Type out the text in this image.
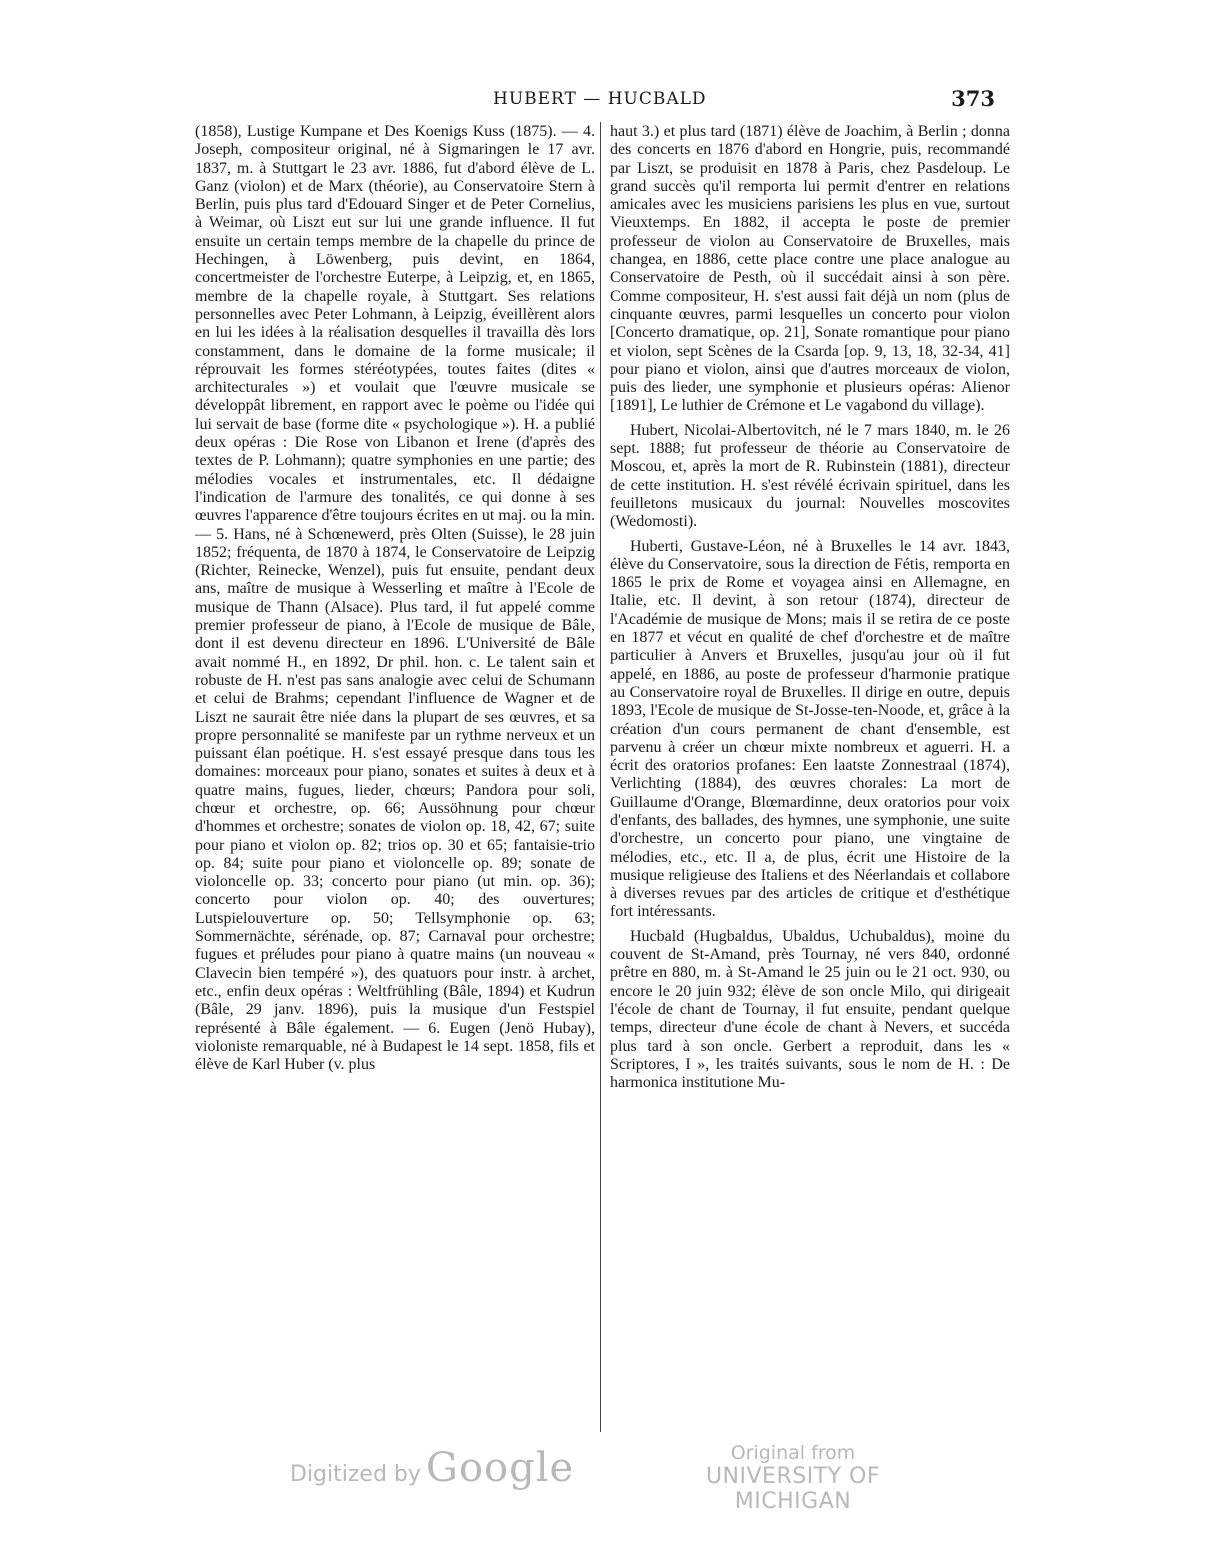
HUBERT — HUCBALD	373

(1858), Lustige Kumpane et Des Koenigs Kuss (1875). — 4. Joseph, compositeur original, né à Sigmaringen le 17 avr. 1837, m. à Stuttgart le 23 avr. 1886, fut d'abord élève de L. Ganz (violon) et de Marx (théorie), au Conservatoire Stern à Berlin, puis plus tard d'Edouard Singer et de Peter Cornelius, à Weimar, où Liszt eut sur lui une grande influence. Il fut ensuite un certain temps membre de la chapelle du prince de Hechingen, à Löwenberg, puis devint, en 1864, concertmeister de l'orchestre Euterpe, à Leipzig, et, en 1865, membre de la chapelle royale, à Stuttgart. Ses relations personnelles avec Peter Lohmann, à Leipzig, éveillèrent alors en lui les idées à la réalisation desquelles il travailla dès lors constamment, dans le domaine de la forme musicale; il réprouvait les formes stéréotypées, toutes faites (dites « architecturales ») et voulait que l'œuvre musicale se développât librement, en rapport avec le poème ou l'idée qui lui servait de base (forme dite « psychologique »). H. a publié deux opéras : Die Rose von Libanon et Irene (d'après des textes de P. Lohmann); quatre symphonies en une partie; des mélodies vocales et instrumentales, etc. Il dédaigne l'indication de l'armure des tonalités, ce qui donne à ses œuvres l'apparence d'être toujours écrites en ut maj. ou la min. — 5. Hans, né à Schœnewerd, près Olten (Suisse), le 28 juin 1852; fréquenta, de 1870 à 1874, le Conservatoire de Leipzig (Richter, Reinecke, Wenzel), puis fut ensuite, pendant deux ans, maître de musique à Wesserling et maître à l'Ecole de musique de Thann (Alsace). Plus tard, il fut appelé comme premier professeur de piano, à l'Ecole de musique de Bâle, dont il est devenu directeur en 1896. L'Université de Bâle avait nommé H., en 1892, Dr phil. hon. c. Le talent sain et robuste de H. n'est pas sans analogie avec celui de Schumann et celui de Brahms; cependant l'influence de Wagner et de Liszt ne saurait être niée dans la plupart de ses œuvres, et sa propre personnalité se manifeste par un rythme nerveux et un puissant élan poétique. H. s'est essayé presque dans tous les domaines: morceaux pour piano, sonates et suites à deux et à quatre mains, fugues, lieder, chœurs; Pandora pour soli, chœur et orchestre, op. 66; Aussöhnung pour chœur d'hommes et orchestre; sonates de violon op. 18, 42, 67; suite pour piano et violon op. 82; trios op. 30 et 65; fantaisie-trio op. 84; suite pour piano et violoncelle op. 89; sonate de violoncelle op. 33; concerto pour piano (ut min. op. 36); concerto pour violon op. 40; des ouvertures; Lutspielouverture op. 50; Tellsymphonie op. 63; Sommernächte, sérénade, op. 87; Carnaval pour orchestre; fugues et préludes pour piano à quatre mains (un nouveau « Clavecin bien tempéré »), des quatuors pour instr. à archet, etc., enfin deux opéras : Weltfrühling (Bâle, 1894) et Kudrun (Bâle, 29 janv. 1896), puis la musique d'un Festspiel représenté à Bâle également. — 6. Eugen (Jenö Hubay), violoniste remarquable, né à Budapest le 14 sept. 1858, fils et élève de Karl Huber (v. plus

haut 3.) et plus tard (1871) élève de Joachim, à Berlin ; donna des concerts en 1876 d'abord en Hongrie, puis, recommandé par Liszt, se produisit en 1878 à Paris, chez Pasdeloup. Le grand succès qu'il remporta lui permit d'entrer en relations amicales avec les musiciens parisiens les plus en vue, surtout Vieuxtemps. En 1882, il accepta le poste de premier professeur de violon au Conservatoire de Bruxelles, mais changea, en 1886, cette place contre une place analogue au Conservatoire de Pesth, où il succédait ainsi à son père. Comme compositeur, H. s'est aussi fait déjà un nom (plus de cinquante œuvres, parmi lesquelles un concerto pour violon [Concerto dramatique, op. 21], Sonate romantique pour piano et violon, sept Scènes de la Csarda [op. 9, 13, 18, 32-34, 41] pour piano et violon, ainsi que d'autres morceaux de violon, puis des lieder, une symphonie et plusieurs opéras: Alienor [1891], Le luthier de Crémone et Le vagabond du village).

Hubert, Nicolai-Albertovitch, né le 7 mars 1840, m. le 26 sept. 1888; fut professeur de théorie au Conservatoire de Moscou, et, après la mort de R. Rubinstein (1881), directeur de cette institution. H. s'est révélé écrivain spirituel, dans les feuilletons musicaux du journal: Nouvelles moscovites (Wedomosti).

Huberti, Gustave-Léon, né à Bruxelles le 14 avr. 1843, élève du Conservatoire, sous la direction de Fétis, remporta en 1865 le prix de Rome et voyagea ainsi en Allemagne, en Italie, etc. Il devint, à son retour (1874), directeur de l'Académie de musique de Mons; mais il se retira de ce poste en 1877 et vécut en qualité de chef d'orchestre et de maître particulier à Anvers et Bruxelles, jusqu'au jour où il fut appelé, en 1886, au poste de professeur d'harmonie pratique au Conservatoire royal de Bruxelles. Il dirige en outre, depuis 1893, l'Ecole de musique de St-Josse-ten-Noode, et, grâce à la création d'un cours permanent de chant d'ensemble, est parvenu à créer un chœur mixte nombreux et aguerri. H. a écrit des oratorios profanes: Een laatste Zonnestraal (1874), Verlichting (1884), des œuvres chorales: La mort de Guillaume d'Orange, Blœmardinne, deux oratorios pour voix d'enfants, des ballades, des hymnes, une symphonie, une suite d'orchestre, un concerto pour piano, une vingtaine de mélodies, etc., etc. Il a, de plus, écrit une Histoire de la musique religieuse des Italiens et des Néerlandais et collabore à diverses revues par des articles de critique et d'esthétique fort intéressants.

Hucbald (Hugbaldus, Ubaldus, Uchubaldus), moine du couvent de St-Amand, près Tournay, né vers 840, ordonné prêtre en 880, m. à St-Amand le 25 juin ou le 21 oct. 930, ou encore le 20 juin 932; élève de son oncle Milo, qui dirigeait l'école de chant de Tournay, il fut ensuite, pendant quelque temps, directeur d'une école de chant à Nevers, et succéda plus tard à son oncle. Gerbert a reproduit, dans les « Scriptores, I », les traités suivants, sous le nom de H. : De harmonica institutione Mu-

Digitized by Google	Original from
UNIVERSITY OF MICHIGAN
